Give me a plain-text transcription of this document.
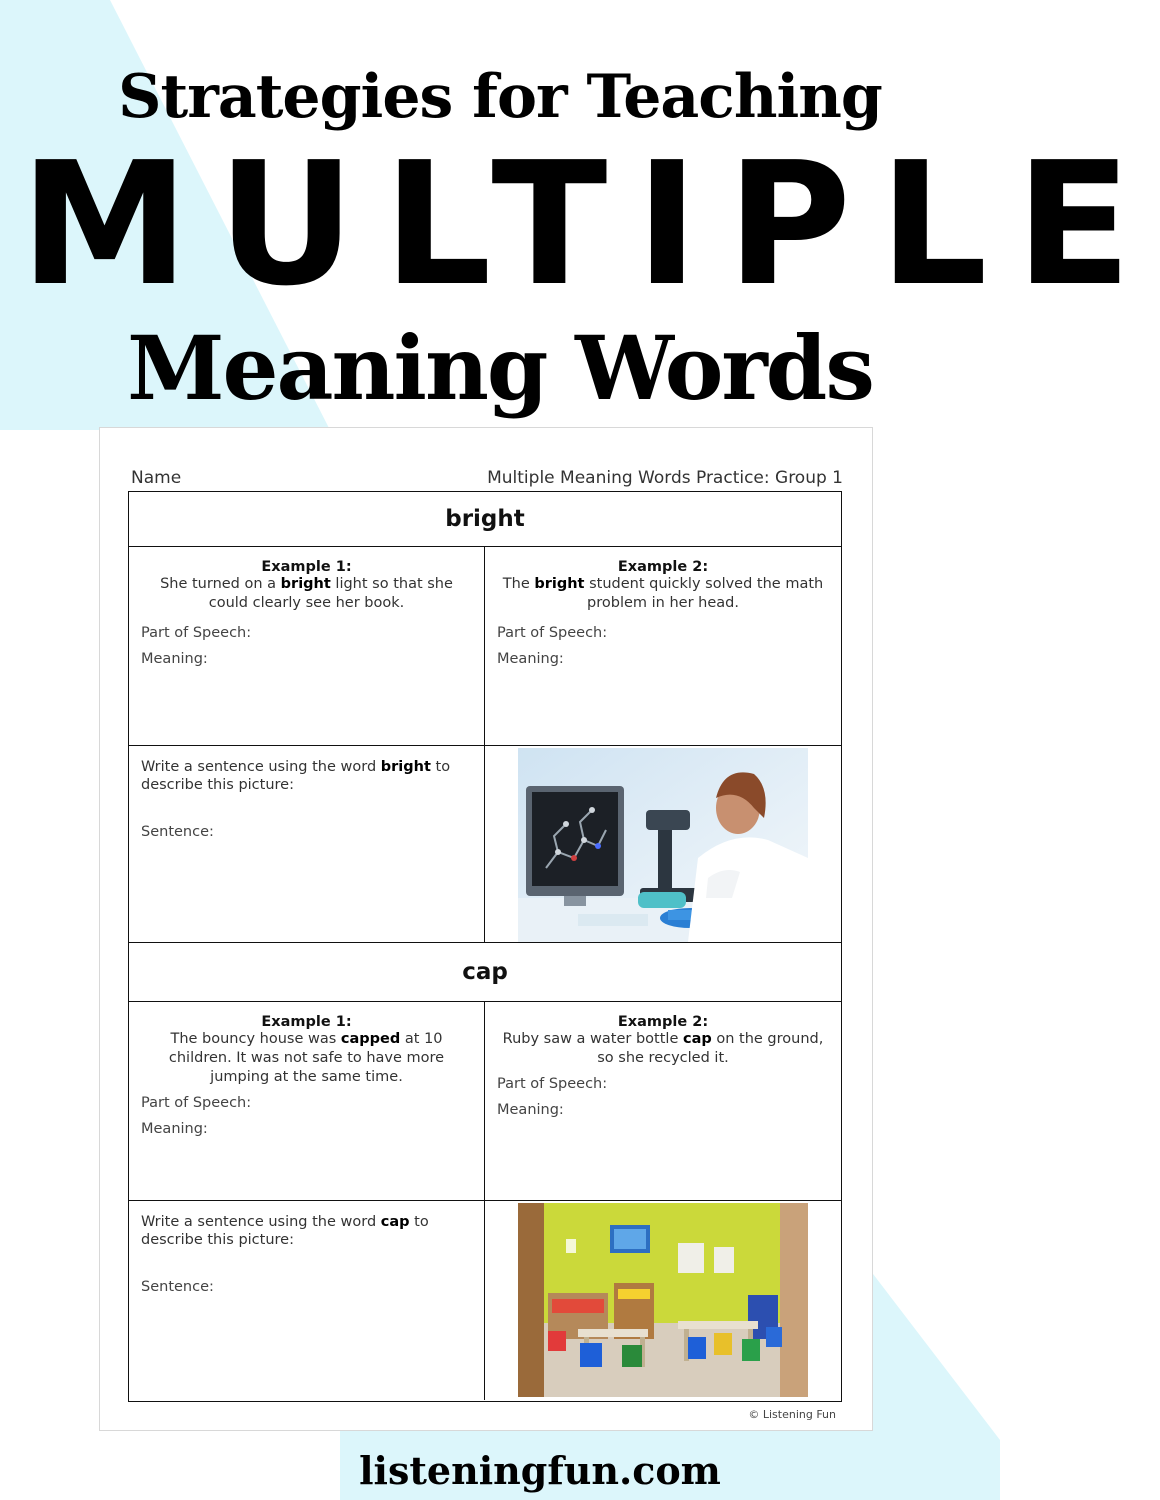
Strategies for Teaching
MULTIPLE
Meaning Words
Name	Multiple Meaning Words Practice: Group 1
bright
Example 1:
She turned on a bright light so that she could clearly see her book.
Part of Speech:
Meaning:
Example 2:
The bright student quickly solved the math problem in her head.
Part of Speech:
Meaning:
Write a sentence using the word bright to describe this picture:
Sentence:
cap
Example 1:
The bouncy house was capped at 10 children. It was not safe to have more jumping at the same time.
Part of Speech:
Meaning:
Example 2:
Ruby saw a water bottle cap on the ground, so she recycled it.
Part of Speech:
Meaning:
Write a sentence using the word cap to describe this picture:
Sentence:
© Listening Fun
listeningfun.com
